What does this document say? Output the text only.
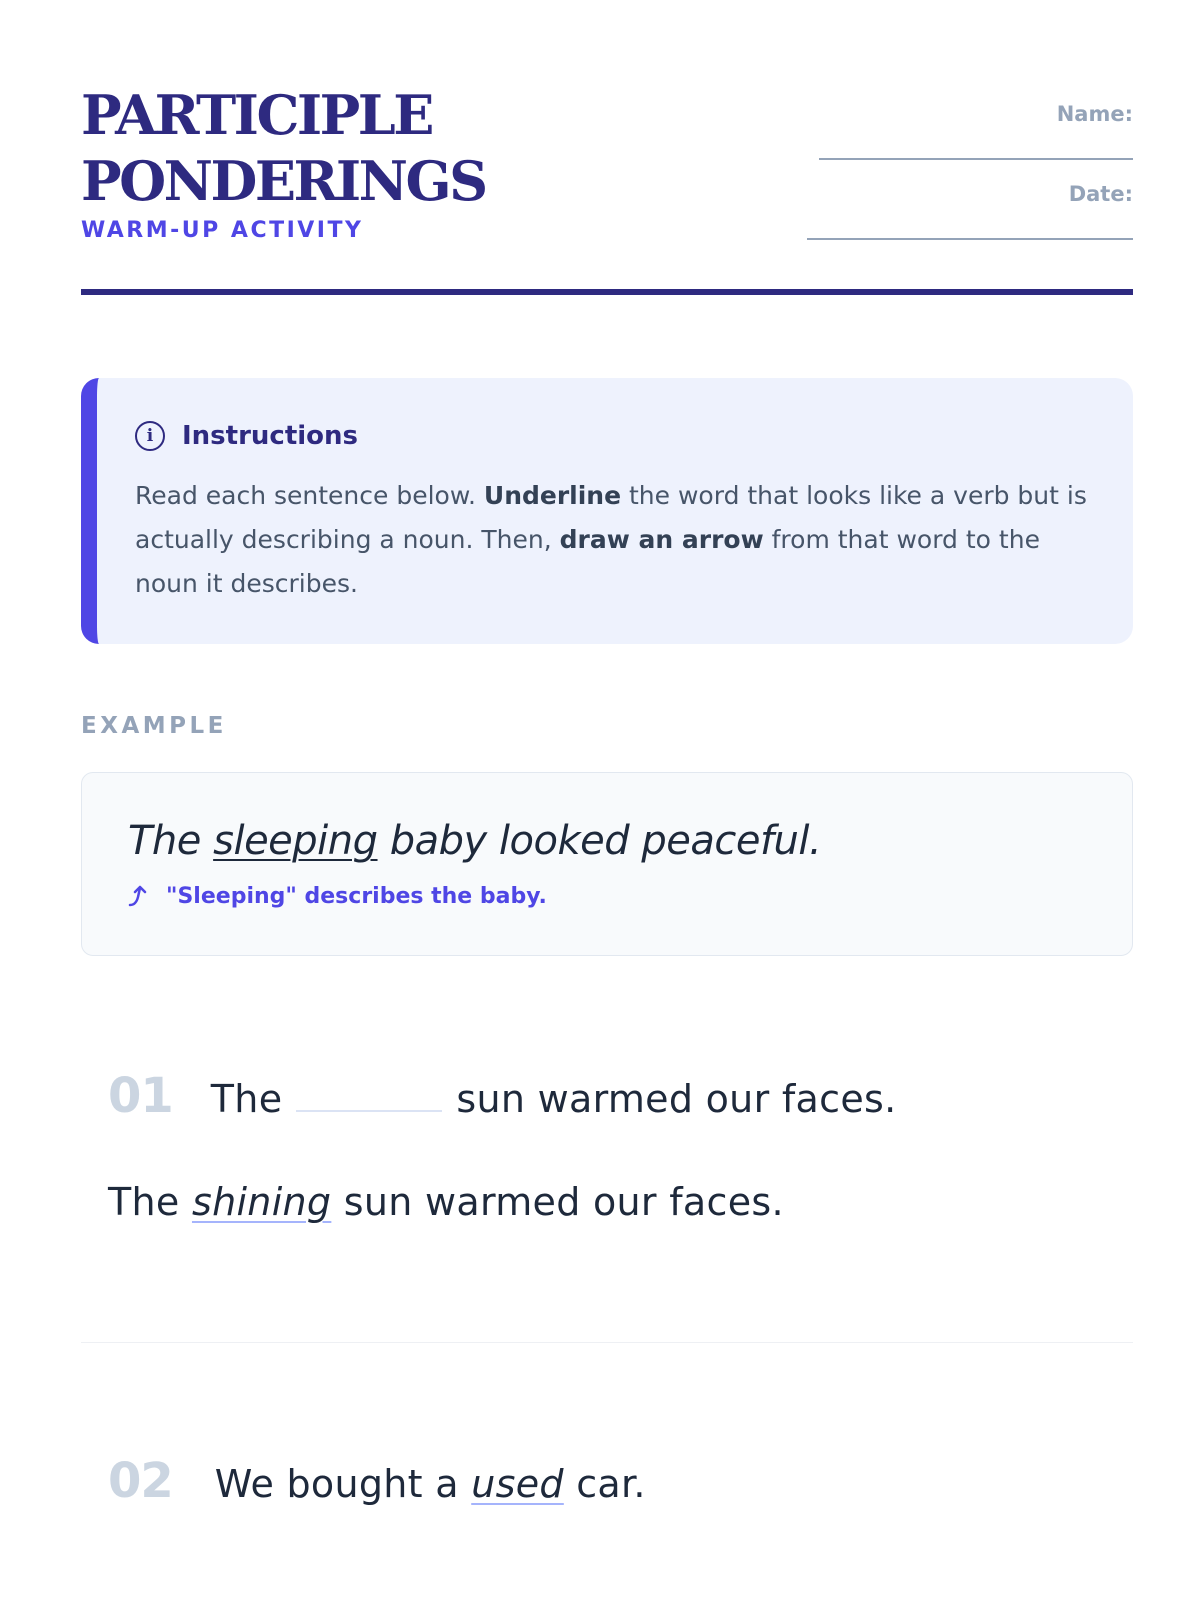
PARTICIPLE
PONDERINGS
WARM-UP ACTIVITY
Name:
Date:
i	Instructions
Read each sentence below. Underline the word that looks like a verb but is actually describing a noun. Then, draw an arrow from that word to the noun it describes.
EXAMPLE
The sleeping baby looked peaceful.
"Sleeping" describes the baby.
01 The	sun warmed our faces.
The shining sun warmed our faces.
02 We bought a used car.
